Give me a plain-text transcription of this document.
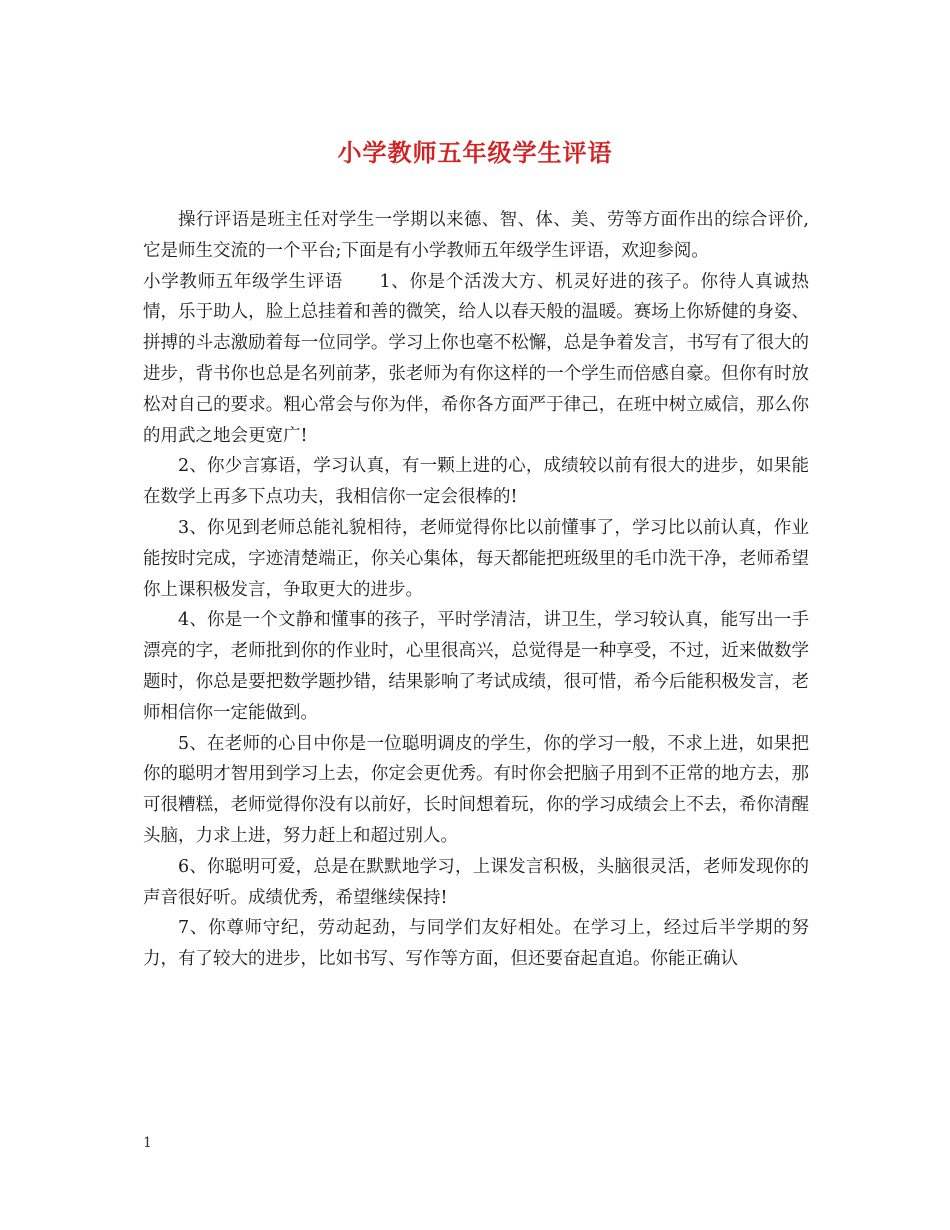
小学教师五年级学生评语

操行评语是班主任对学生一学期以来德、智、体、美、劳等方面作出的综合评价,它是师生交流的一个平台;下面是有小学教师五年级学生评语，欢迎参阅。

小学教师五年级学生评语　　1、你是个活泼大方、机灵好进的孩子。你待人真诚热情，乐于助人，脸上总挂着和善的微笑，给人以春天般的温暖。赛场上你矫健的身姿、拼搏的斗志激励着每一位同学。学习上你也毫不松懈，总是争着发言，书写有了很大的进步，背书你也总是名列前茅，张老师为有你这样的一个学生而倍感自豪。但你有时放松对自己的要求。粗心常会与你为伴，希你各方面严于律己，在班中树立威信，那么你的用武之地会更宽广!

2、你少言寡语，学习认真，有一颗上进的心，成绩较以前有很大的进步，如果能在数学上再多下点功夫，我相信你一定会很棒的!

3、你见到老师总能礼貌相待，老师觉得你比以前懂事了，学习比以前认真，作业能按时完成，字迹清楚端正，你关心集体，每天都能把班级里的毛巾洗干净，老师希望你上课积极发言，争取更大的进步。

4、你是一个文静和懂事的孩子，平时学清洁，讲卫生，学习较认真，能写出一手漂亮的字，老师批到你的作业时，心里很高兴，总觉得是一种享受，不过，近来做数学题时，你总是要把数学题抄错，结果影响了考试成绩，很可惜，希今后能积极发言，老师相信你一定能做到。

5、在老师的心目中你是一位聪明调皮的学生，你的学习一般，不求上进，如果把你的聪明才智用到学习上去，你定会更优秀。有时你会把脑子用到不正常的地方去，那可很糟糕，老师觉得你没有以前好，长时间想着玩，你的学习成绩会上不去，希你清醒头脑，力求上进，努力赶上和超过别人。

6、你聪明可爱，总是在默默地学习，上课发言积极，头脑很灵活，老师发现你的声音很好听。成绩优秀，希望继续保持!

7、你尊师守纪，劳动起劲，与同学们友好相处。在学习上，经过后半学期的努力，有了较大的进步，比如书写、写作等方面，但还要奋起直追。你能正确认

1
